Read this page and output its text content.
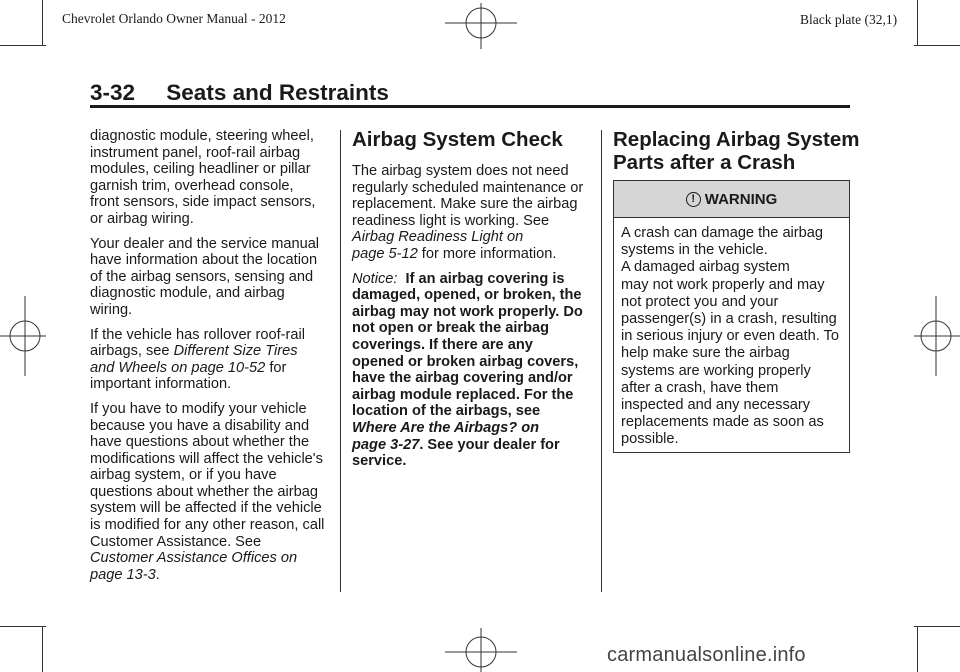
Chevrolet Orlando Owner Manual - 2012	Black plate (32,1)
3-32     Seats and Restraints

diagnostic module, steering wheel,
instrument panel, roof-rail airbag
modules, ceiling headliner or pillar
garnish trim, overhead console,
front sensors, side impact sensors,
or airbag wiring.

Your dealer and the service manual
have information about the location
of the airbag sensors, sensing and
diagnostic module, and airbag
wiring.

If the vehicle has rollover roof-rail
airbags, see Different Size Tires
and Wheels on page 10-52 for
important information.

If you have to modify your vehicle
because you have a disability and
have questions about whether the
modifications will affect the vehicle's
airbag system, or if you have
questions about whether the airbag
system will be affected if the vehicle
is modified for any other reason, call
Customer Assistance. See
Customer Assistance Offices on
page 13-3.

Airbag System Check

The airbag system does not need
regularly scheduled maintenance or
replacement. Make sure the airbag
readiness light is working. See
Airbag Readiness Light on
page 5-12 for more information.

Notice: If an airbag covering is
damaged, opened, or broken, the
airbag may not work properly. Do
not open or break the airbag
coverings. If there are any
opened or broken airbag covers,
have the airbag covering and/or
airbag module replaced. For the
location of the airbags, see
Where Are the Airbags? on
page 3-27. See your dealer for
service.

Replacing Airbag System
Parts after a Crash
! WARNING
A crash can damage the airbag
systems in the vehicle.
A damaged airbag system
may not work properly and may
not protect you and your
passenger(s) in a crash, resulting
in serious injury or even death. To
help make sure the airbag
systems are working properly
after a crash, have them
inspected and any necessary
replacements made as soon as
possible.
carmanualsonline.info
